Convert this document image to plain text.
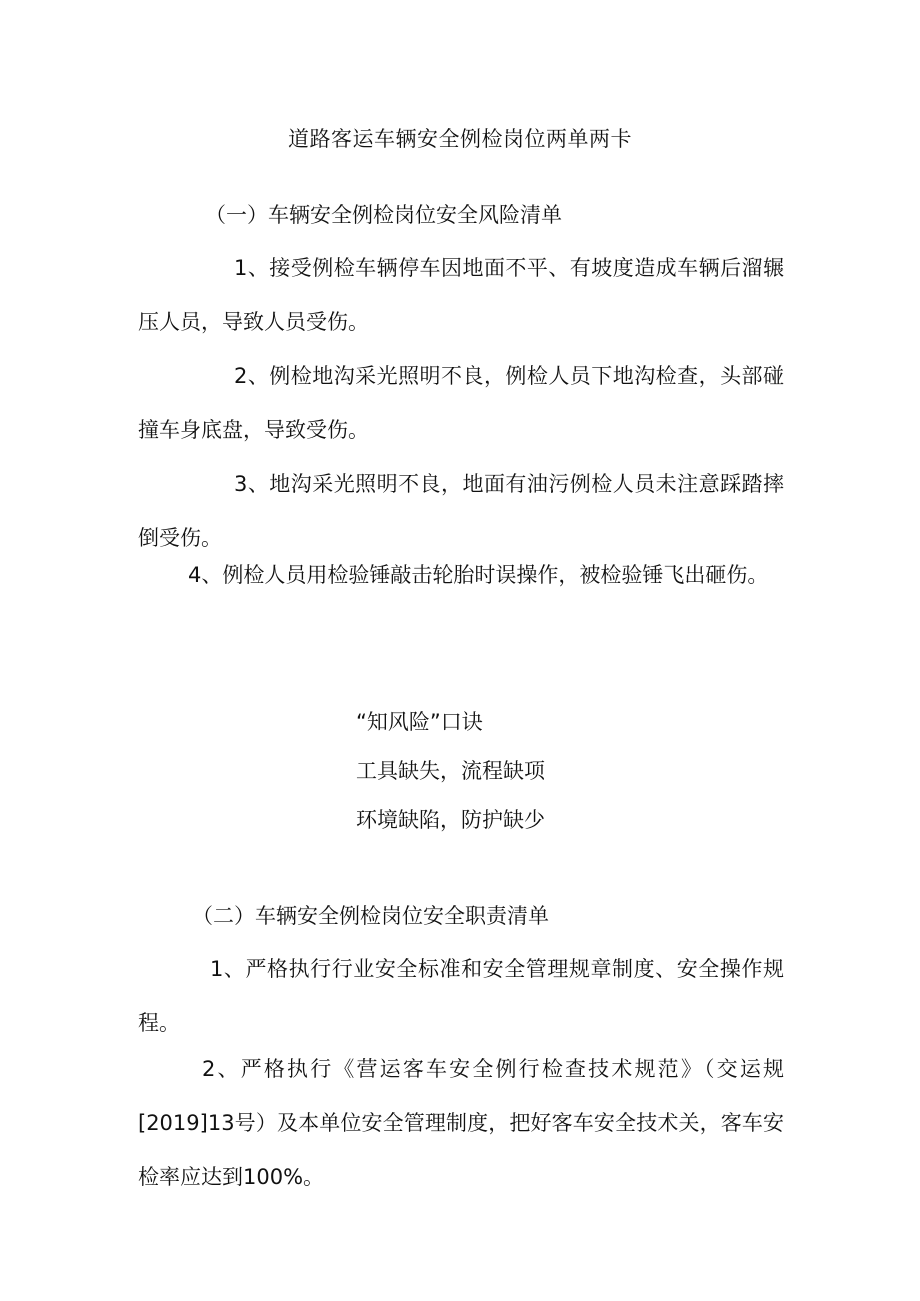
道路客运车辆安全例检岗位两单两卡
（一）车辆安全例检岗位安全风险清单

1、接受例检车辆停车因地面不平、有坡度造成车辆后溜辗压人员，导致人员受伤。

2、例检地沟采光照明不良，例检人员下地沟检查，头部碰撞车身底盘，导致受伤。

3、地沟采光照明不良，地面有油污例检人员未注意踩踏摔倒受伤。

4、例检人员用检验锤敲击轮胎时误操作，被检验锤飞出砸伤。

“知风险”口诀
工具缺失，流程缺项
环境缺陷，防护缺少
（二）车辆安全例检岗位安全职责清单

1、严格执行行业安全标准和安全管理规章制度、安全操作规程。

2、严格执行《营运客车安全例行检查技术规范》（交运规[2019]13号）及本单位安全管理制度，把好客车安全技术关，客车安检率应达到100%。
